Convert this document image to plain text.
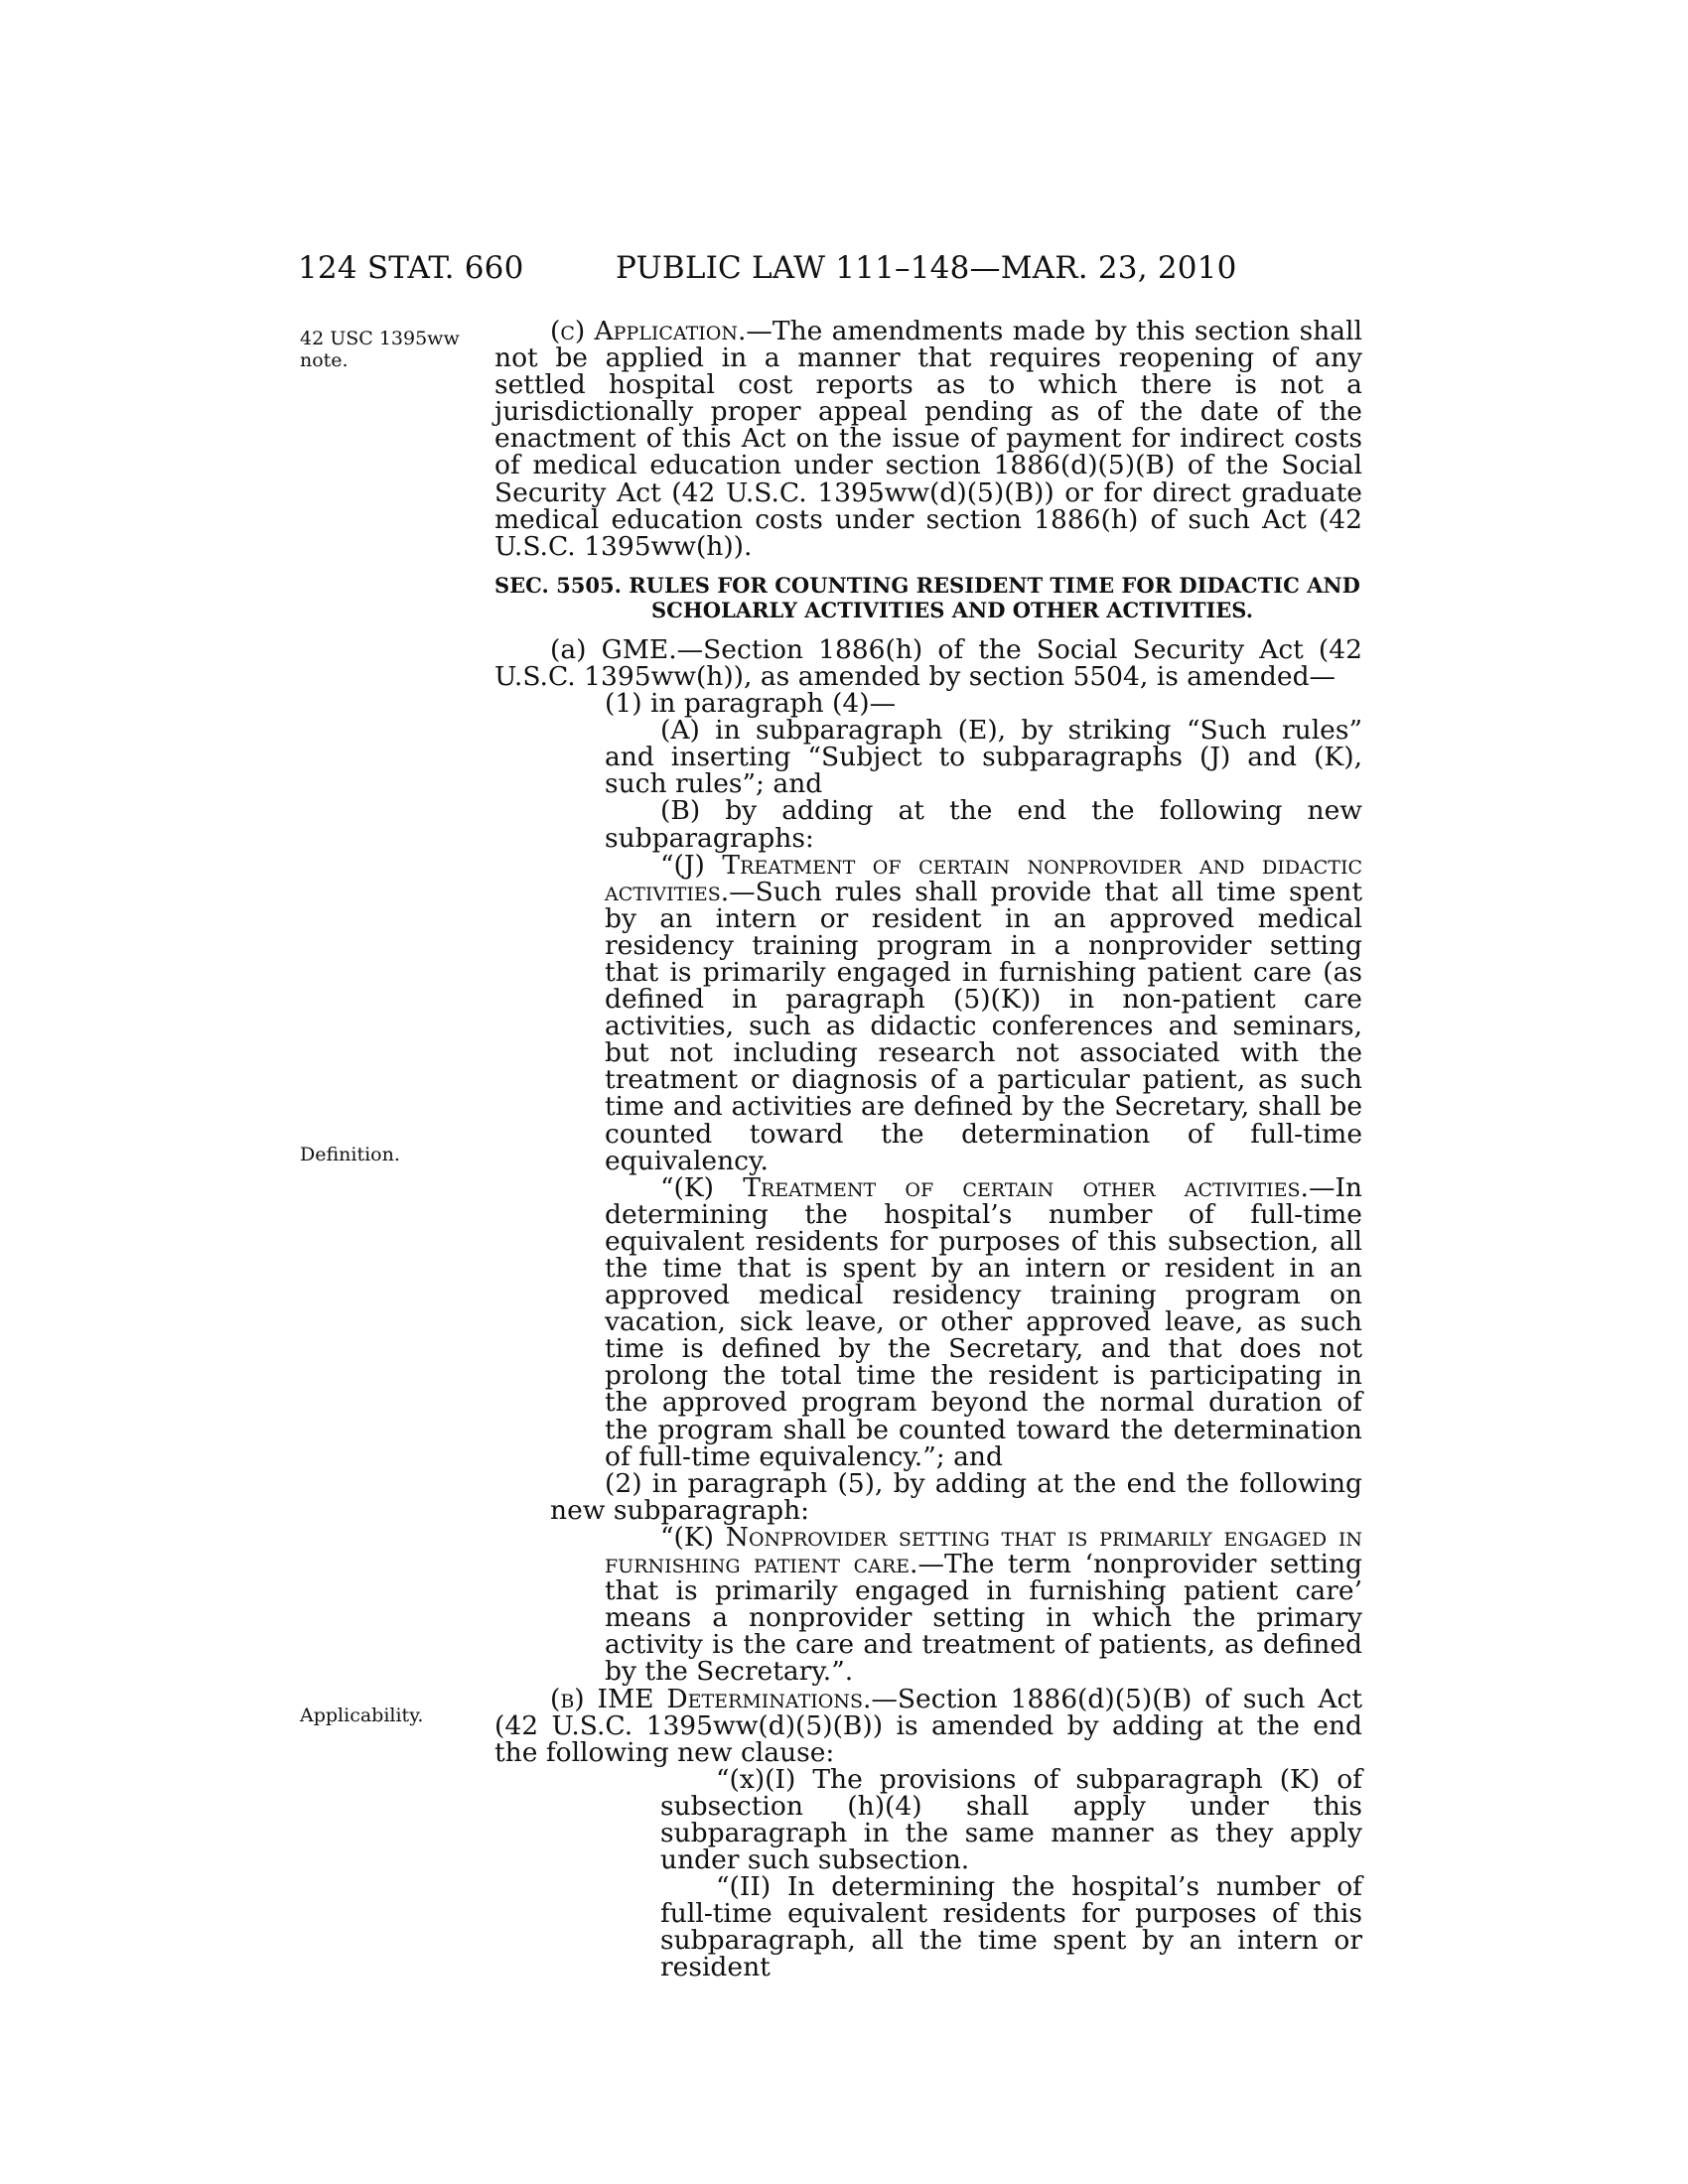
124 STAT. 660	PUBLIC LAW 111–148—MAR. 23, 2010
42 USC 1395ww
note.
Definition.
Applicability.

(c) Application.—The amendments made by this section shall not be applied in a manner that requires reopening of any settled hospital cost reports as to which there is not a jurisdictionally proper appeal pending as of the date of the enactment of this Act on the issue of payment for indirect costs of medical education under section 1886(d)(5)(B) of the Social Security Act (42 U.S.C. 1395ww(d)(5)(B)) or for direct graduate medical education costs under section 1886(h) of such Act (42 U.S.C. 1395ww(h)).

SEC. 5505. RULES FOR COUNTING RESIDENT TIME FOR DIDACTIC AND
SCHOLARLY ACTIVITIES AND OTHER ACTIVITIES.

(a) GME.—Section 1886(h) of the Social Security Act (42 U.S.C. 1395ww(h)), as amended by section 5504, is amended—

(1) in paragraph (4)—

(A) in subparagraph (E), by striking “Such rules” and inserting “Subject to subparagraphs (J) and (K), such rules”; and

(B) by adding at the end the following new subparagraphs:

“(J) Treatment of certain nonprovider and didactic activities.—Such rules shall provide that all time spent by an intern or resident in an approved medical residency training program in a nonprovider setting that is primarily engaged in furnishing patient care (as defined in paragraph (5)(K)) in non-patient care activities, such as didactic conferences and seminars, but not including research not associated with the treatment or diagnosis of a particular patient, as such time and activities are defined by the Secretary, shall be counted toward the determination of full-time equivalency.

“(K) Treatment of certain other activities.—In determining the hospital’s number of full-time equivalent residents for purposes of this subsection, all the time that is spent by an intern or resident in an approved medical residency training program on vacation, sick leave, or other approved leave, as such time is defined by the Secretary, and that does not prolong the total time the resident is participating in the approved program beyond the normal duration of the program shall be counted toward the determination of full-time equivalency.”; and

(2) in paragraph (5), by adding at the end the following new subparagraph:

“(K) Nonprovider setting that is primarily engaged in furnishing patient care.—The term ‘nonprovider setting that is primarily engaged in furnishing patient care’ means a nonprovider setting in which the primary activity is the care and treatment of patients, as defined by the Secretary.”.

(b) IME Determinations.—Section 1886(d)(5)(B) of such Act (42 U.S.C. 1395ww(d)(5)(B)) is amended by adding at the end the following new clause:

“(x)(I) The provisions of subparagraph (K) of subsection (h)(4) shall apply under this subparagraph in the same manner as they apply under such subsection.

“(II) In determining the hospital’s number of full-time equivalent residents for purposes of this subparagraph, all the time spent by an intern or resident
